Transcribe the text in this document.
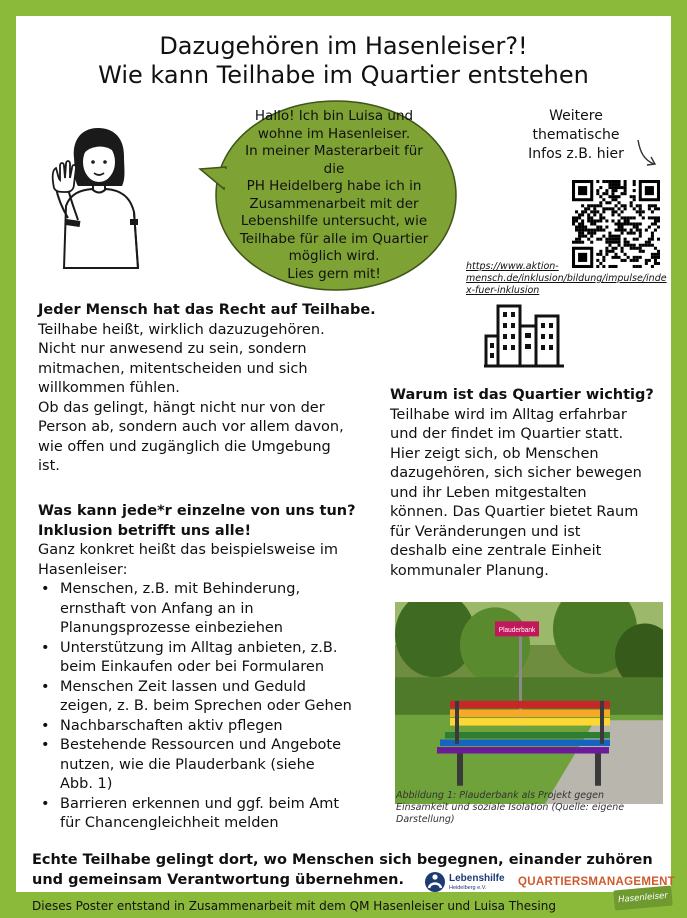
Dazugehören im Hasenleiser?!
Wie kann Teilhabe im Quartier entstehen
Hallo! Ich bin Luisa und
wohne im Hasenleiser.
In meiner Masterarbeit für die
PH Heidelberg habe ich in
Zusammenarbeit mit der
Lebenshilfe untersucht, wie
Teilhabe für alle im Quartier
möglich wird.
Lies gern mit!
Weitere
thematische
Infos z.B. hier
https://www.aktion-
mensch.de/inklusion/bildung/impulse/inde
x-fuer-inklusion
Jeder Mensch hat das Recht auf Teilhabe.
Teilhabe heißt, wirklich dazuzugehören.
Nicht nur anwesend zu sein, sondern
mitmachen, mitentscheiden und sich
willkommen fühlen.
Ob das gelingt, hängt nicht nur von der
Person ab, sondern auch vor allem davon,
wie offen und zugänglich die Umgebung
ist.
Was kann jede*r einzelne von uns tun?
Inklusion betrifft uns alle!
Ganz konkret heißt das beispielsweise im
Hasenleiser:
• Menschen, z.B. mit Behinderung,
ernsthaft von Anfang an in
Planungsprozesse einbeziehen
• Unterstützung im Alltag anbieten, z.B.
beim Einkaufen oder bei Formularen
• Menschen Zeit lassen und Geduld
zeigen, z. B. beim Sprechen oder Gehen
• Nachbarschaften aktiv pflegen
• Bestehende Ressourcen und Angebote
nutzen, wie die Plauderbank (siehe
Abb. 1)
• Barrieren erkennen und ggf. beim Amt
für Chancengleichheit melden
Warum ist das Quartier wichtig?
Teilhabe wird im Alltag erfahrbar
und der findet im Quartier statt.
Hier zeigt sich, ob Menschen
dazugehören, sich sicher bewegen
und ihr Leben mitgestalten
können. Das Quartier bietet Raum
für Veränderungen und ist
deshalb eine zentrale Einheit
kommunaler Planung.
Plauderbank
Abbildung 1: Plauderbank als Projekt gegen
Einsamkeit und soziale Isolation (Quelle: eigene
Darstellung)
Echte Teilhabe gelingt dort, wo Menschen sich begegnen, einander zuhören
und gemeinsam Verantwortung übernehmen.	Lebenshilfe
Heidelberg e.V.	QUARTIERSMANAGEMENT
Hasenleiser
Dieses Poster entstand in Zusammenarbeit mit dem QM Hasenleiser und Luisa Thesing
